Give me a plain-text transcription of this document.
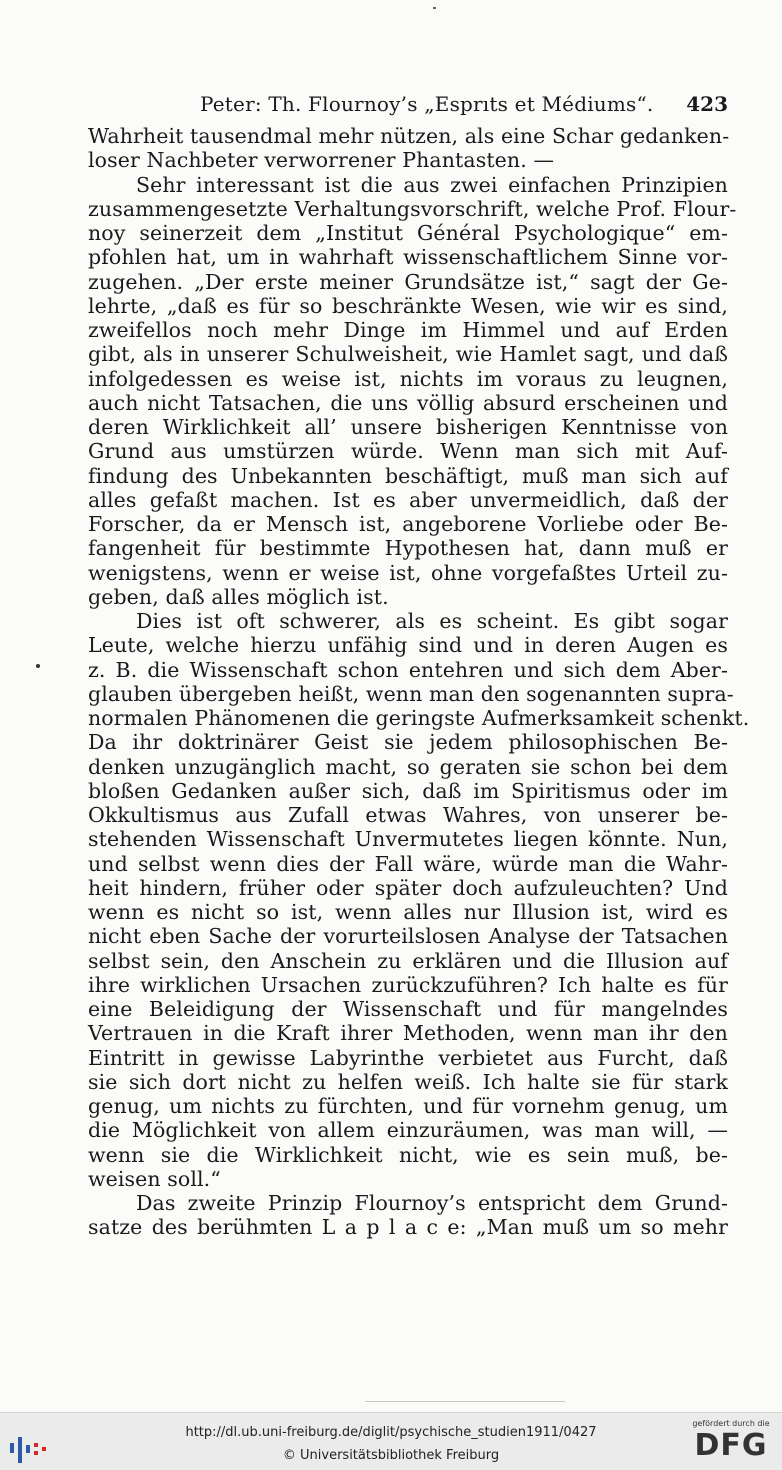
Peter: Th. Flournoy’s „Esprıts et Médiums“. 423
Wahrheit tausendmal mehr nützen, als eine Schar gedanken-
loser Nachbeter verworrener Phantasten. —
Sehr interessant ist die aus zwei einfachen Prinzipien
zusammengesetzte Verhaltungsvorschrift, welche Prof. Flour-
noy seinerzeit dem „Institut Général Psychologique“ em-
pfohlen hat, um in wahrhaft wissenschaftlichem Sinne vor-
zugehen. „Der erste meiner Grundsätze ist,“ sagt der Ge-
lehrte, „daß es für so beschränkte Wesen, wie wir es sind,
zweifellos noch mehr Dinge im Himmel und auf Erden
gibt, als in unserer Schulweisheit, wie Hamlet sagt, und daß
infolgedessen es weise ist, nichts im voraus zu leugnen,
auch nicht Tatsachen, die uns völlig absurd erscheinen und
deren Wirklichkeit all’ unsere bisherigen Kenntnisse von
Grund aus umstürzen würde. Wenn man sich mit Auf-
findung des Unbekannten beschäftigt, muß man sich auf
alles gefaßt machen. Ist es aber unvermeidlich, daß der
Forscher, da er Mensch ist, angeborene Vorliebe oder Be-
fangenheit für bestimmte Hypothesen hat, dann muß er
wenigstens, wenn er weise ist, ohne vorgefaßtes Urteil zu-
geben, daß alles möglich ist.
Dies ist oft schwerer, als es scheint. Es gibt sogar
Leute, welche hierzu unfähig sind und in deren Augen es
z. B. die Wissenschaft schon entehren und sich dem Aber-
glauben übergeben heißt, wenn man den sogenannten supra-
normalen Phänomenen die geringste Aufmerksamkeit schenkt.
Da ihr doktrinärer Geist sie jedem philosophischen Be-
denken unzugänglich macht, so geraten sie schon bei dem
bloßen Gedanken außer sich, daß im Spiritismus oder im
Okkultismus aus Zufall etwas Wahres, von unserer be-
stehenden Wissenschaft Unvermutetes liegen könnte. Nun,
und selbst wenn dies der Fall wäre, würde man die Wahr-
heit hindern, früher oder später doch aufzuleuchten? Und
wenn es nicht so ist, wenn alles nur Illusion ist, wird es
nicht eben Sache der vorurteilslosen Analyse der Tatsachen
selbst sein, den Anschein zu erklären und die Illusion auf
ihre wirklichen Ursachen zurückzuführen? Ich halte es für
eine Beleidigung der Wissenschaft und für mangelndes
Vertrauen in die Kraft ihrer Methoden, wenn man ihr den
Eintritt in gewisse Labyrinthe verbietet aus Furcht, daß
sie sich dort nicht zu helfen weiß. Ich halte sie für stark
genug, um nichts zu fürchten, und für vornehm genug, um
die Möglichkeit von allem einzuräumen, was man will, —
wenn sie die Wirklichkeit nicht, wie es sein muß, be-
weisen soll.“
Das zweite Prinzip Flournoy’s entspricht dem Grund-
satze des berühmten L a p l a c e: „Man muß um so mehr
http://dl.ub.uni-freiburg.de/diglit/psychische_studien1911/0427
© Universitätsbibliothek Freiburg
gefördert durch die
DFG
